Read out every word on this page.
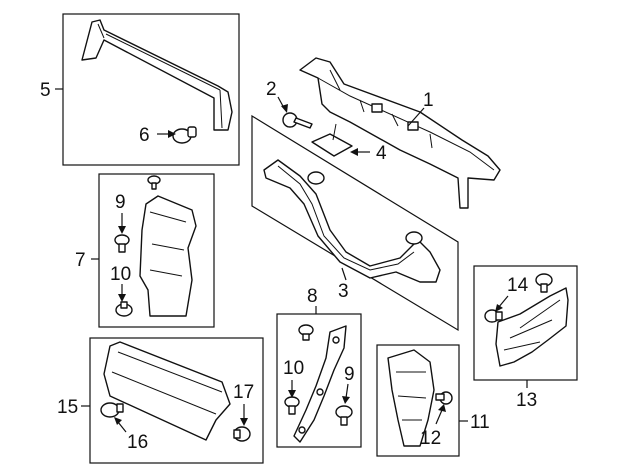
6
5	1
2
4
3
9
10
7
10 9
8
12
11
14
13
16
17
15
